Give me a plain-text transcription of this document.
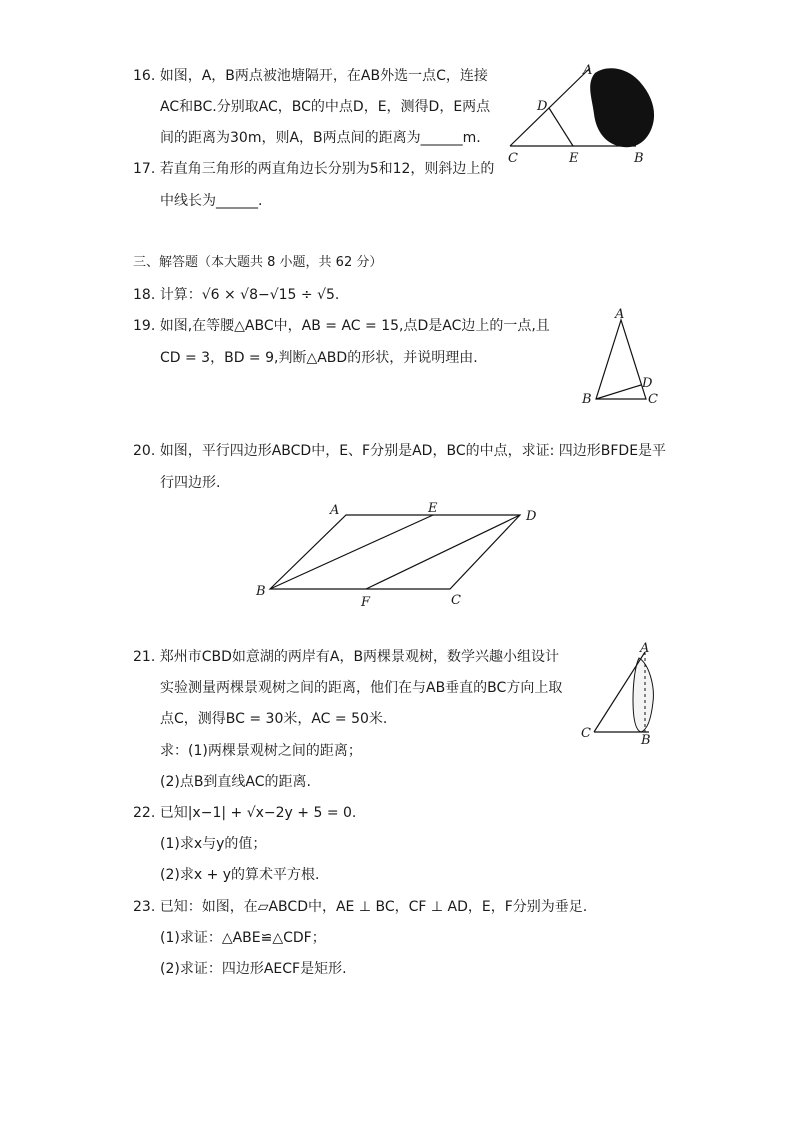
16. 如图，A，B两点被池塘隔开，在AB外选一点C，连接
AC和BC.分别取AC，BC的中点D，E，测得D，E两点
间的距离为30m，则A，B两点间的距离为______m.
A
D
C	E	B
17. 若直角三角形的两直角边长分别为5和12，则斜边上的
中线长为______.
三、解答题（本大题共 8 小题，共 62 分）
18. 计算：√6 × √8−√15 ÷ √5.
19. 如图,在等腰△ABC中，AB = AC = 15,点D是AC边上的一点,且
CD = 3，BD = 9,判断△ABD的形状，并说明理由.
A
B	C
D
20. 如图，平行四边形ABCD中，E、F分别是AD，BC的中点，求证: 四边形BFDE是平
行四边形.
A	E
D
B
F	C
21. 郑州市CBD如意湖的两岸有A，B两棵景观树，数学兴趣小组设计
实验测量两棵景观树之间的距离，他们在与AB垂直的BC方向上取
点C，测得BC = 30米，AC = 50米.
求：(1)两棵景观树之间的距离；
(2)点B到直线AC的距离.
A
C	B
22. 已知|x−1| + √x−2y + 5 = 0.
(1)求x与y的值；
(2)求x + y的算术平方根.
23. 已知：如图，在▱ABCD中，AE ⊥ BC，CF ⊥ AD，E，F分别为垂足.
(1)求证：△ABE≌△CDF；
(2)求证：四边形AECF是矩形.
